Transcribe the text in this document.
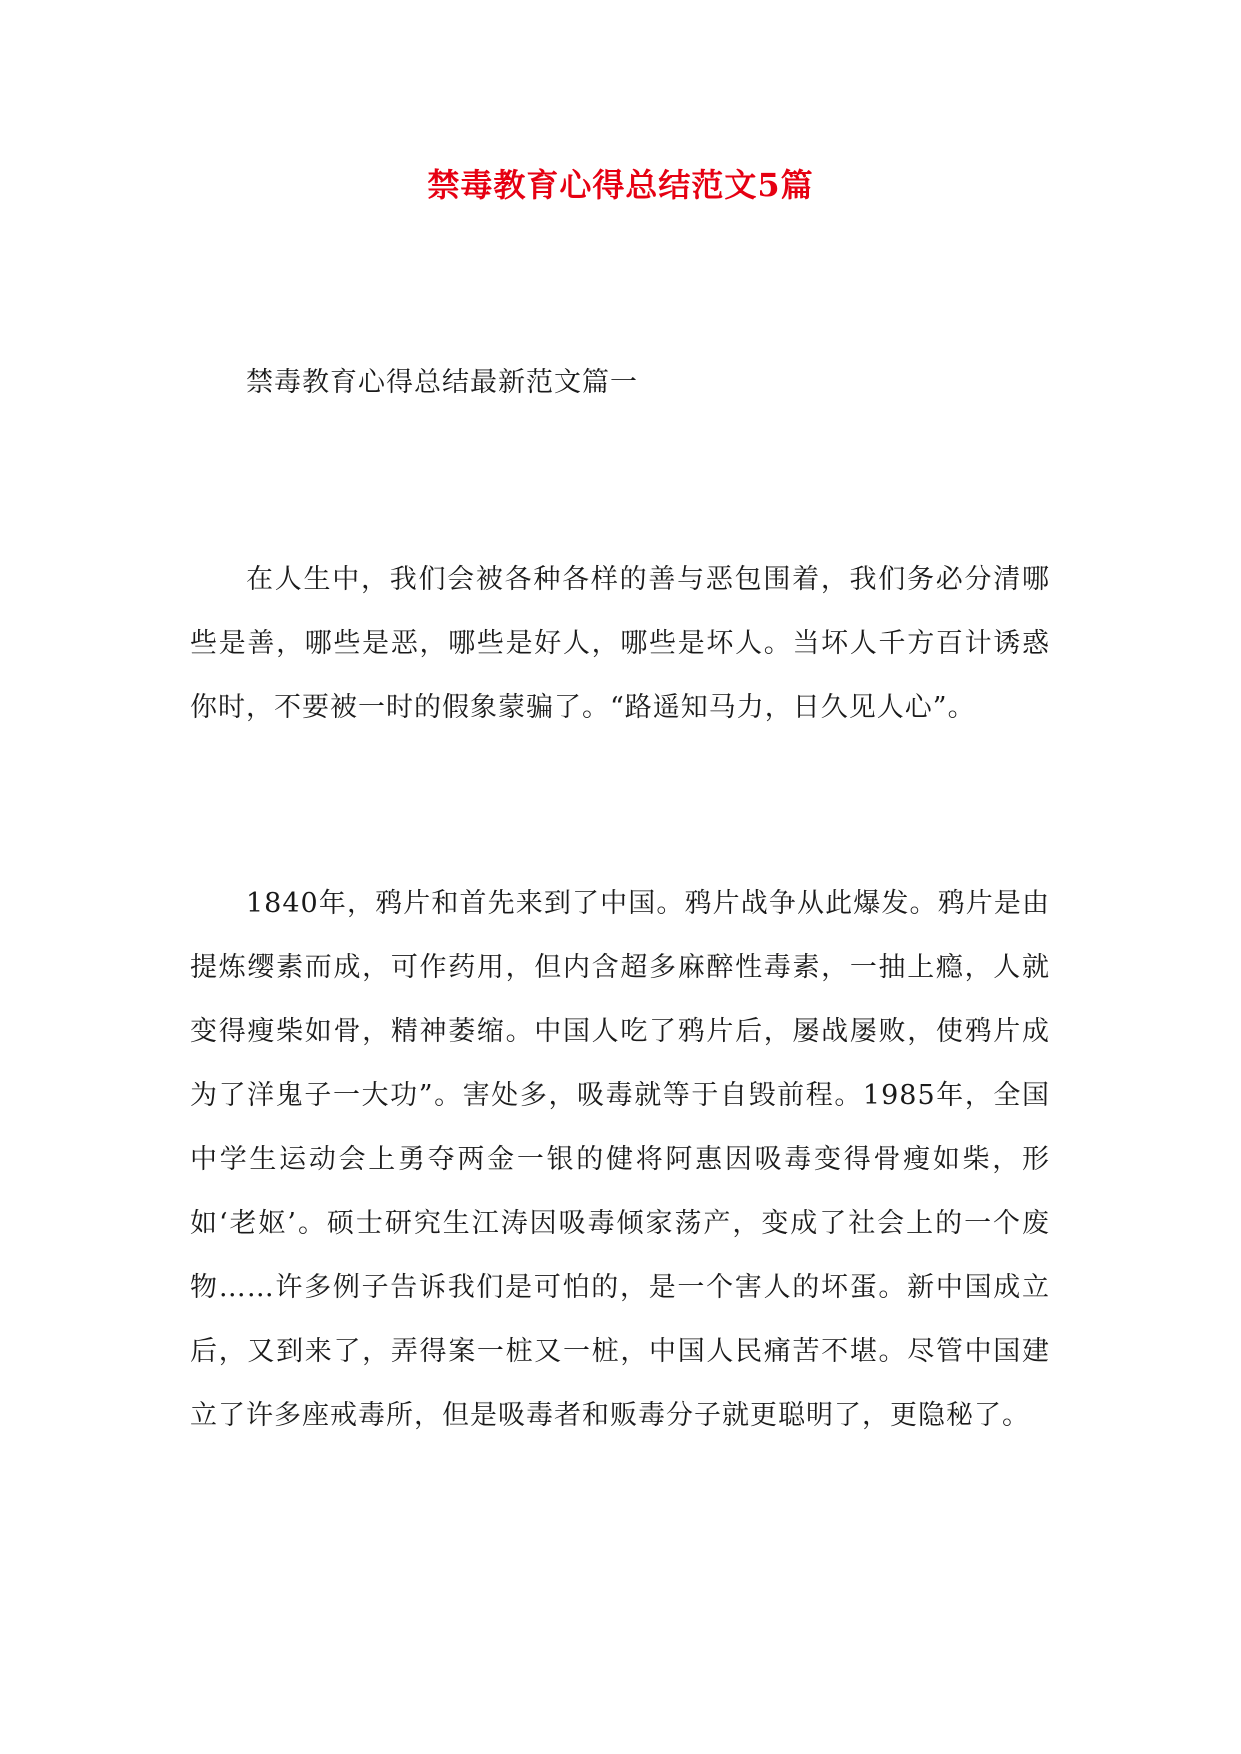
禁毒教育心得总结范文5篇
禁毒教育心得总结最新范文篇一

在人生中，我们会被各种各样的善与恶包围着，我们务必分清哪些是善，哪些是恶，哪些是好人，哪些是坏人。当坏人千方百计诱惑你时，不要被一时的假象蒙骗了。“路遥知马力，日久见人心”。

1840年，鸦片和首先来到了中国。鸦片战争从此爆发。鸦片是由提炼缨素而成，可作药用，但内含超多麻醉性毒素，一抽上瘾，人就变得瘦柴如骨，精神萎缩。中国人吃了鸦片后，屡战屡败，使鸦片成为了洋鬼子一大功”。害处多，吸毒就等于自毁前程。1985年，全国中学生运动会上勇夺两金一银的健将阿惠因吸毒变得骨瘦如柴，形如‘老妪’。硕士研究生江涛因吸毒倾家荡产，变成了社会上的一个废物……许多例子告诉我们是可怕的，是一个害人的坏蛋。新中国成立后，又到来了，弄得案一桩又一桩，中国人民痛苦不堪。尽管中国建立了许多座戒毒所，但是吸毒者和贩毒分子就更聪明了，更隐秘了。
